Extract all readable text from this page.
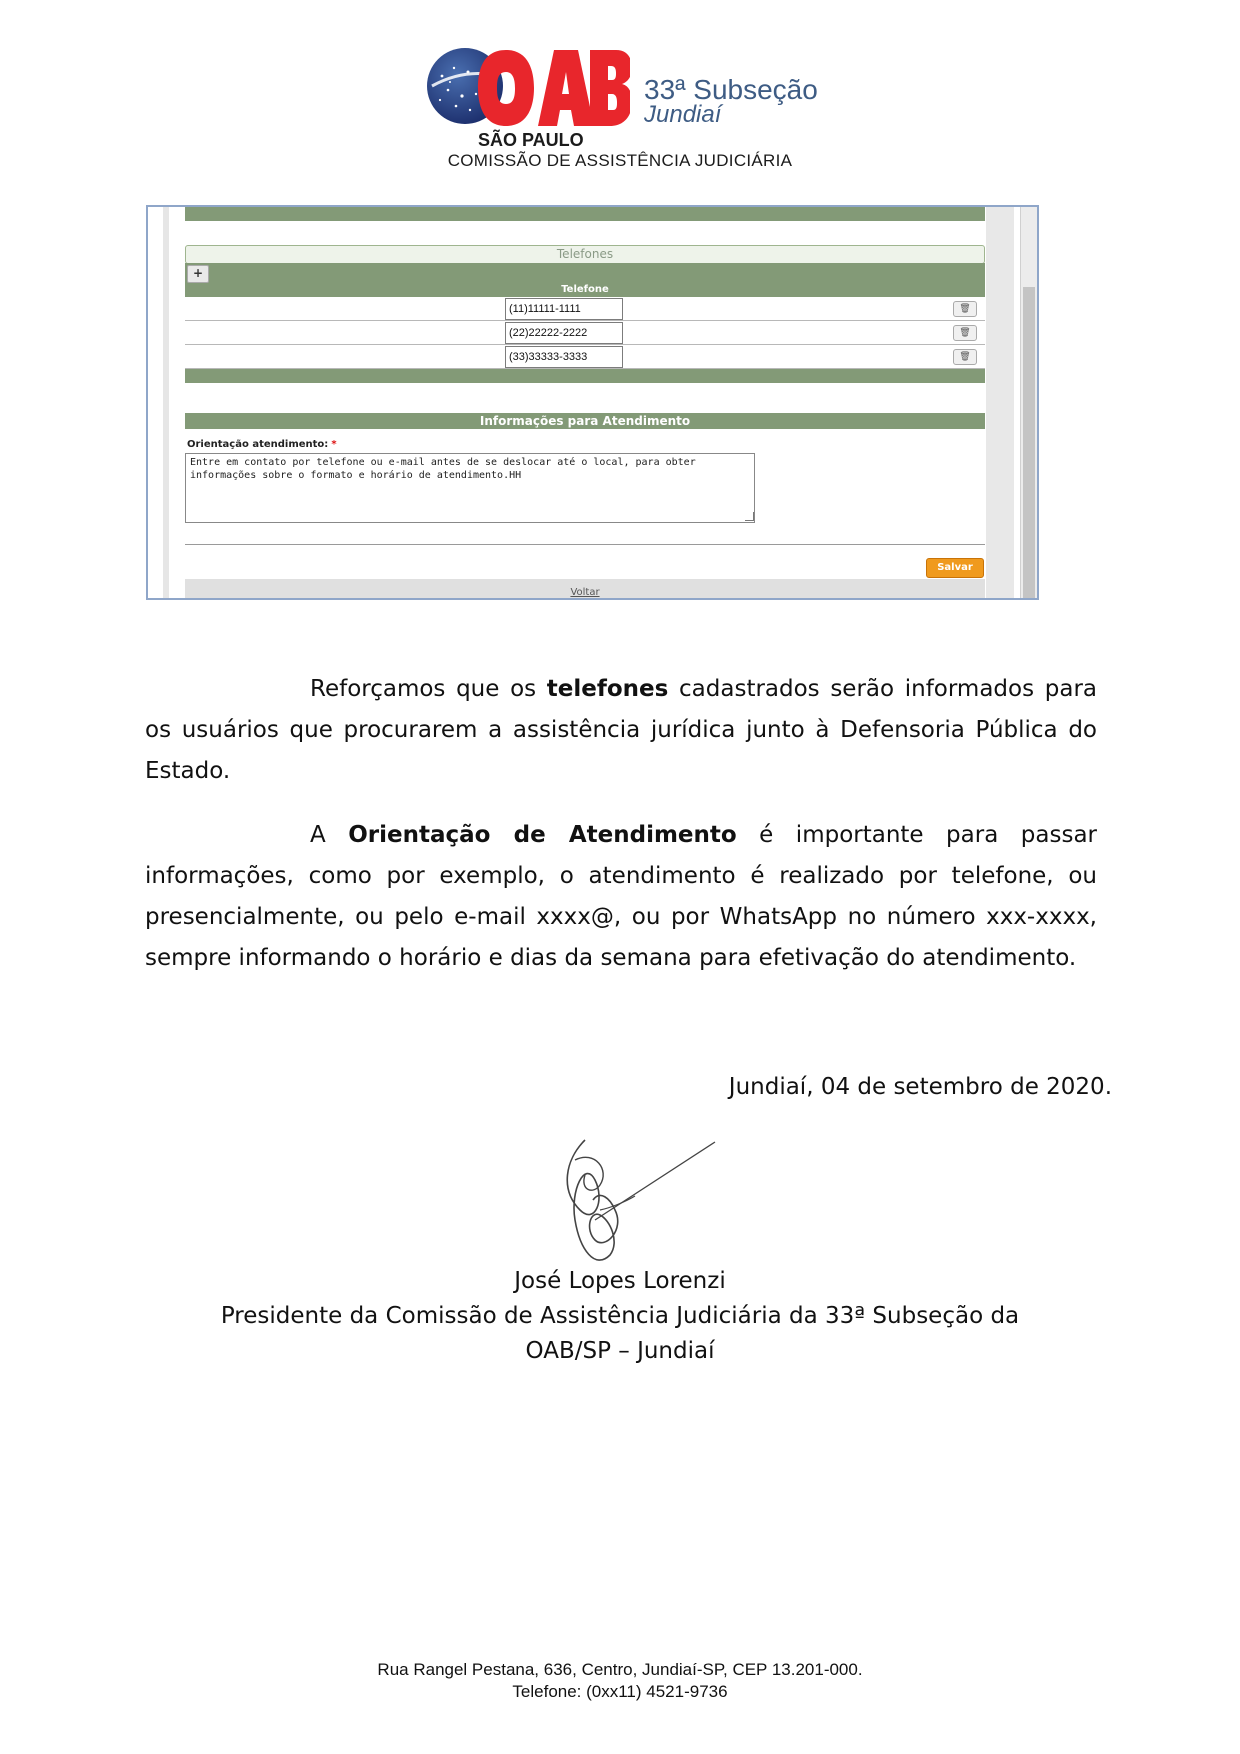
33ª Subseção
Jundiaí
SÃO PAULO
COMISSÃO DE ASSISTÊNCIA JUDICIÁRIA
Telefones
+
Telefone
(11)11111-1111	🗑
(22)22222-2222	🗑
(33)33333-3333	🗑
Informações para Atendimento
Orientação atendimento: *
Entre em contato por telefone ou e-mail antes de se deslocar até o local, para obter informações sobre o formato e horário de atendimento.HH
Salvar
Voltar
Reforçamos que os telefones cadastrados serão informados para os usuários que procurarem a assistência jurídica junto à Defensoria Pública do Estado.
A Orientação de Atendimento é importante para passar informações, como por exemplo, o atendimento é realizado por telefone, ou presencialmente, ou pelo e-mail xxxx@, ou por WhatsApp no número xxx-xxxx, sempre informando o horário e dias da semana para efetivação do atendimento.
Jundiaí, 04 de setembro de 2020.
José Lopes Lorenzi
Presidente da Comissão de Assistência Judiciária da 33ª Subseção da
OAB/SP – Jundiaí
Rua Rangel Pestana, 636, Centro, Jundiaí-SP, CEP 13.201-000.
Telefone: (0xx11) 4521-9736
